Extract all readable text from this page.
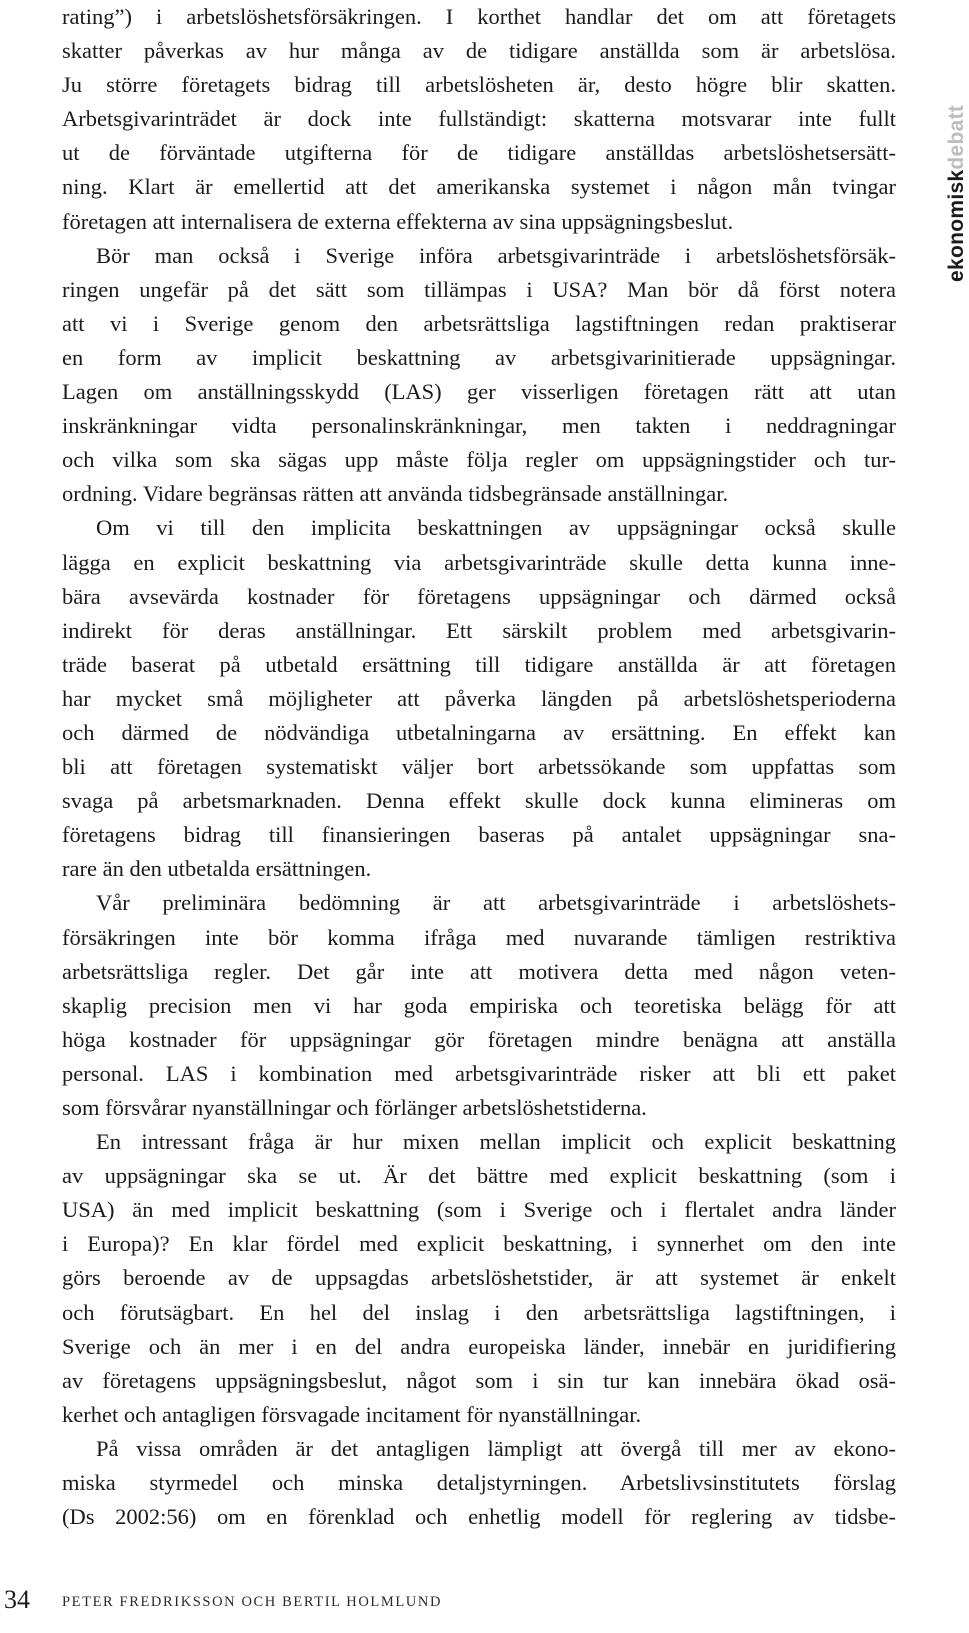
rating”) i arbetslöshetsförsäkringen. I korthet handlar det om att företagets
skatter påverkas av hur många av de tidigare anställda som är arbetslösa.
Ju större företagets bidrag till arbetslösheten är, desto högre blir skatten.
Arbetsgivarinträdet är dock inte fullständigt: skatterna motsvarar inte fullt
ut de förväntade utgifterna för de tidigare anställdas arbetslöshetsersätt-
ning. Klart är emellertid att det amerikanska systemet i någon mån tvingar
företagen att internalisera de externa effekterna av sina uppsägningsbeslut.
Bör man också i Sverige införa arbetsgivarinträde i arbetslöshetsförsäk-
ringen ungefär på det sätt som tillämpas i USA? Man bör då först notera
att vi i Sverige genom den arbetsrättsliga lagstiftningen redan praktiserar
en form av implicit beskattning av arbetsgivarinitierade uppsägningar.
Lagen om anställningsskydd (LAS) ger visserligen företagen rätt att utan
inskränkningar vidta personalinskränkningar, men takten i neddragningar
och vilka som ska sägas upp måste följa regler om uppsägningstider och tur-
ordning. Vidare begränsas rätten att använda tidsbegränsade anställningar.
Om vi till den implicita beskattningen av uppsägningar också skulle
lägga en explicit beskattning via arbetsgivarinträde skulle detta kunna inne-
bära avsevärda kostnader för företagens uppsägningar och därmed också
indirekt för deras anställningar. Ett särskilt problem med arbetsgivarin-
träde baserat på utbetald ersättning till tidigare anställda är att företagen
har mycket små möjligheter att påverka längden på arbetslöshetsperioderna
och därmed de nödvändiga utbetalningarna av ersättning. En effekt kan
bli att företagen systematiskt väljer bort arbetssökande som uppfattas som
svaga på arbetsmarknaden. Denna effekt skulle dock kunna elimineras om
företagens bidrag till finansieringen baseras på antalet uppsägningar sna-
rare än den utbetalda ersättningen.
Vår preliminära bedömning är att arbetsgivarinträde i arbetslöshets-
försäkringen inte bör komma ifråga med nuvarande tämligen restriktiva
arbetsrättsliga regler. Det går inte att motivera detta med någon veten-
skaplig precision men vi har goda empiriska och teoretiska belägg för att
höga kostnader för uppsägningar gör företagen mindre benägna att anställa
personal. LAS i kombination med arbetsgivarinträde risker att bli ett paket
som försvårar nyanställningar och förlänger arbetslöshetstiderna.
En intressant fråga är hur mixen mellan implicit och explicit beskattning
av uppsägningar ska se ut. Är det bättre med explicit beskattning (som i
USA) än med implicit beskattning (som i Sverige och i flertalet andra länder
i Europa)? En klar fördel med explicit beskattning, i synnerhet om den inte
görs beroende av de uppsagdas arbetslöshetstider, är att systemet är enkelt
och förutsägbart. En hel del inslag i den arbetsrättsliga lagstiftningen, i
Sverige och än mer i en del andra europeiska länder, innebär en juridifiering
av företagens uppsägningsbeslut, något som i sin tur kan innebära ökad osä-
kerhet och antagligen försvagade incitament för nyanställningar.
På vissa områden är det antagligen lämpligt att övergå till mer av ekono-
miska styrmedel och minska detaljstyrningen. Arbetslivsinstitutets förslag
(Ds 2002:56) om en förenklad och enhetlig modell för reglering av tidsbe-
ekonomiskdebatt
34 PETER FREDRIKSSON OCH BERTIL HOLMLUND
